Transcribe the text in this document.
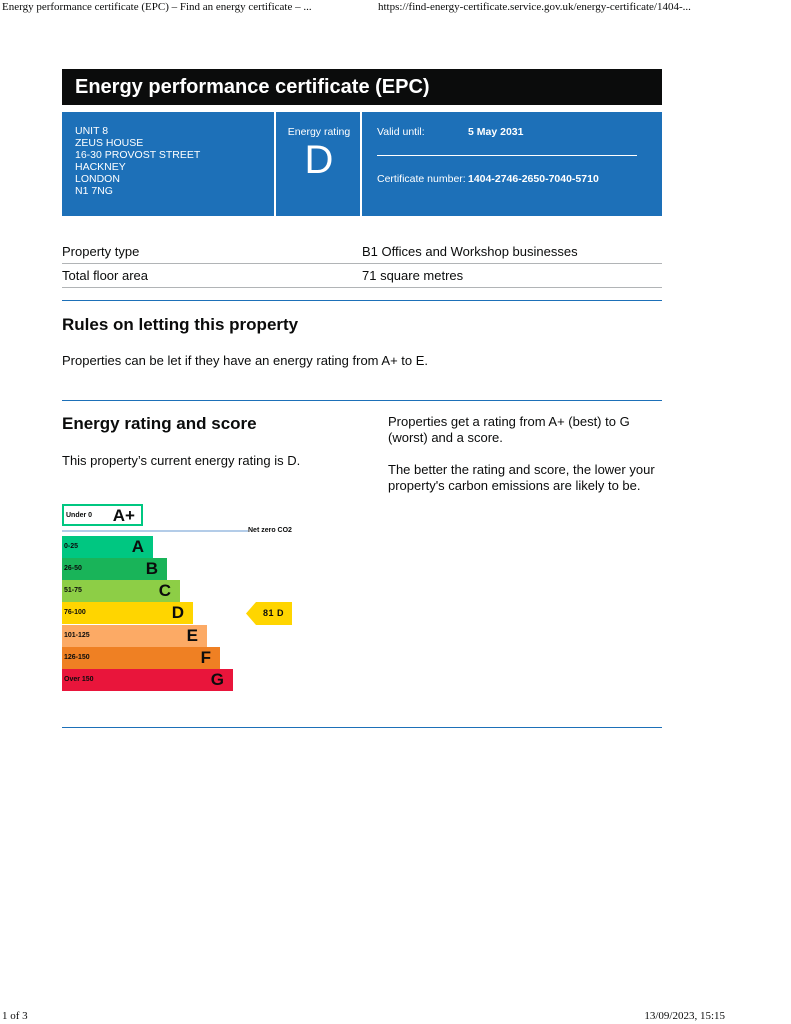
Energy performance certificate (EPC) – Find an energy certificate – ...	https://find-energy-certificate.service.gov.uk/energy-certificate/1404-...
Energy performance certificate (EPC)
UNIT 8
ZEUS HOUSE
16-30 PROVOST STREET
HACKNEY
LONDON
N1 7NG
Energy rating
D
Valid until:	5 May 2031
Certificate number: 1404-2746-2650-7040-5710
Property type	B1 Offices and Workshop businesses
Total floor area	71 square metres
Rules on letting this property
Properties can be let if they have an energy rating from A+ to E.
Energy rating and score
This property’s current energy rating is D.
Properties get a rating from A+ (best) to G (worst) and a score.
The better the rating and score, the lower your property's carbon emissions are likely to be.
Net zero CO2
81 D
Under 0 A+
0-25	A
26-50	B
51-75	C
76-100	D
101-125	E
126-150	F
Over 150	G
1 of 3	13/09/2023, 15:15
